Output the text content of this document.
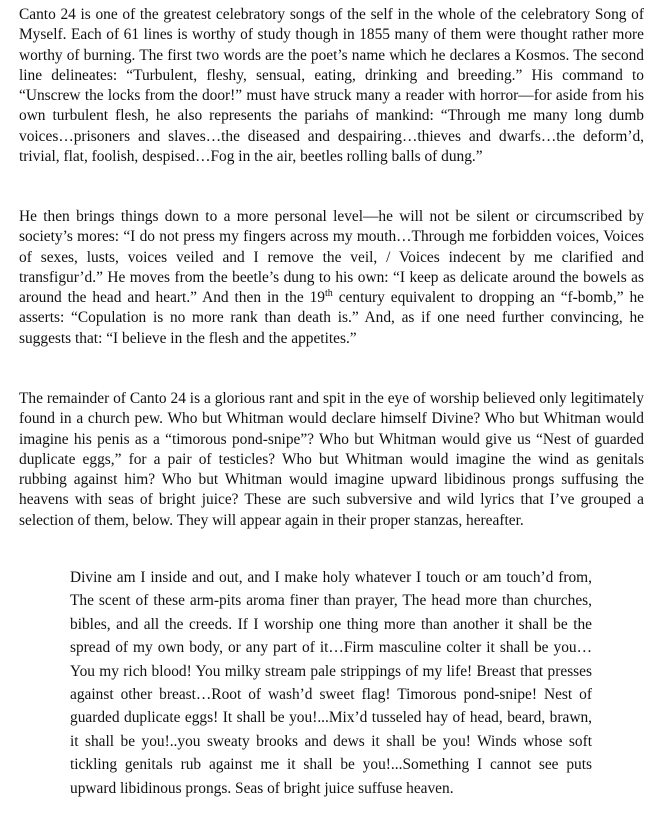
Canto 24 is one of the greatest celebratory songs of the self in the whole of the celebratory Song of Myself. Each of 61 lines is worthy of study though in 1855 many of them were thought rather more worthy of burning. The first two words are the poet’s name which he declares a Kosmos. The second line delineates: “Turbulent, fleshy, sensual, eating, drinking and breeding.” His command to “Unscrew the locks from the door!” must have struck many a reader with horror—for aside from his own turbulent flesh, he also represents the pariahs of mankind: “Through me many long dumb voices…prisoners and slaves…the diseased and despairing…thieves and dwarfs…the deform’d, trivial, flat, foolish, despised…Fog in the air, beetles rolling balls of dung.”

He then brings things down to a more personal level—he will not be silent or circumscribed by society’s mores: “I do not press my fingers across my mouth…Through me forbidden voices, Voices of sexes, lusts, voices veiled and I remove the veil, / Voices indecent by me clarified and transfigur’d.” He moves from the beetle’s dung to his own: “I keep as delicate around the bowels as around the head and heart.” And then in the 19th century equivalent to dropping an “f-bomb,” he asserts: “Copulation is no more rank than death is.” And, as if one need further convincing, he suggests that: “I believe in the flesh and the appetites.”

The remainder of Canto 24 is a glorious rant and spit in the eye of worship believed only legitimately found in a church pew. Who but Whitman would declare himself Divine? Who but Whitman would imagine his penis as a “timorous pond-snipe”? Who but Whitman would give us “Nest of guarded duplicate eggs,” for a pair of testicles? Who but Whitman would imagine the wind as genitals rubbing against him? Who but Whitman would imagine upward libidinous prongs suffusing the heavens with seas of bright juice? These are such subversive and wild lyrics that I’ve grouped a selection of them, below. They will appear again in their proper stanzas, hereafter.

Divine am I inside and out, and I make holy whatever I touch or am touch’d from, The scent of these arm-pits aroma finer than prayer, The head more than churches, bibles, and all the creeds. If I worship one thing more than another it shall be the spread of my own body, or any part of it…Firm masculine colter it shall be you…You my rich blood! You milky stream pale strippings of my life! Breast that presses against other breast…Root of wash’d sweet flag! Timorous pond-snipe! Nest of guarded duplicate eggs! It shall be you!...Mix’d tusseled hay of head, beard, brawn, it shall be you!..you sweaty brooks and dews it shall be you! Winds whose soft tickling genitals rub against me it shall be you!...Something I cannot see puts upward libidinous prongs. Seas of bright juice suffuse heaven.
